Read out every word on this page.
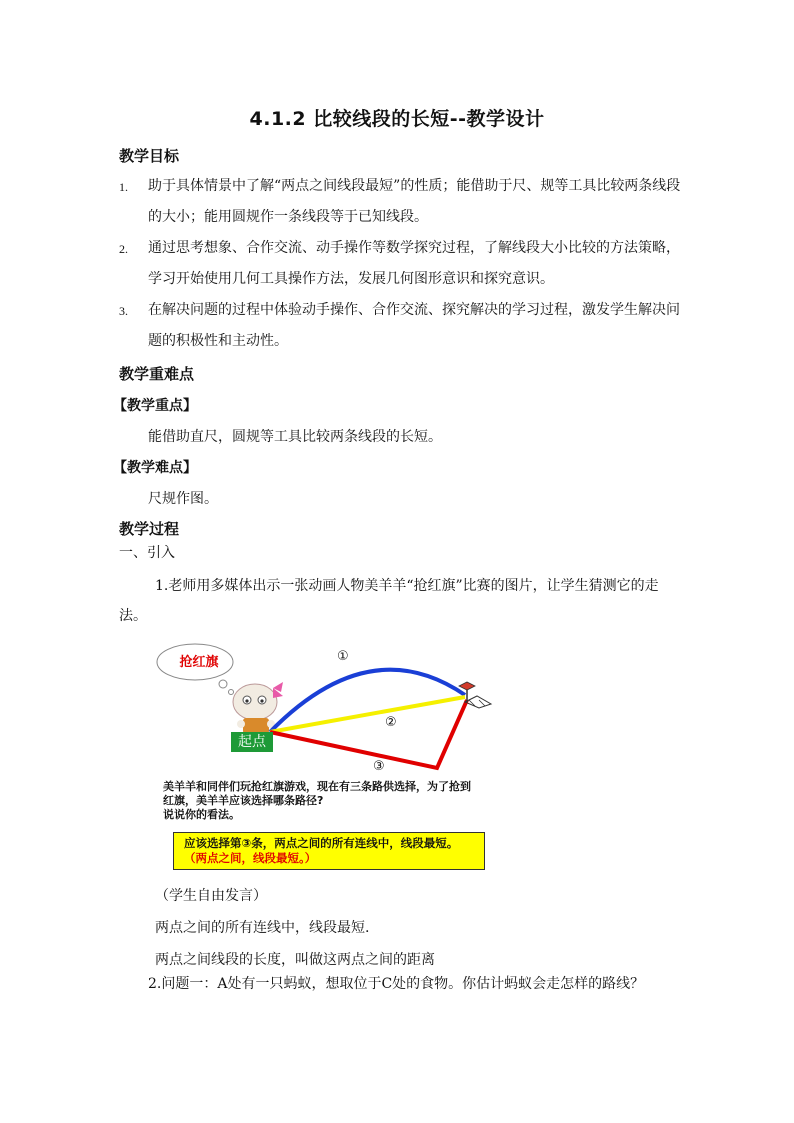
4.1.2 比较线段的长短--教学设计
教学目标
1. 助于具体情景中了解“两点之间线段最短”的性质；能借助于尺、规等工具比较两条线段
的大小；能用圆规作一条线段等于已知线段。
2. 通过思考想象、合作交流、动手操作等数学探究过程，了解线段大小比较的方法策略，
学习开始使用几何工具操作方法，发展几何图形意识和探究意识。
3. 在解决问题的过程中体验动手操作、合作交流、探究解决的学习过程，激发学生解决问
题的积极性和主动性。
教学重难点
【教学重点】
能借助直尺，圆规等工具比较两条线段的长短。
【教学难点】
尺规作图。
教学过程
一、引入
1.老师用多媒体出示一张动画人物美羊羊“抢红旗”比赛的图片，让学生猜测它的走
法。
①
②
③
抢红旗
起点
美羊羊和同伴们玩抢红旗游戏，现在有三条路供选择，为了抢到
红旗，美羊羊应该选择哪条路径?
说说你的看法。
应该选择第③条，两点之间的所有连线中，线段最短。
（两点之间，线段最短。）
（学生自由发言）
两点之间的所有连线中，线段最短.
两点之间线段的长度，叫做这两点之间的距离
2.问题一：A处有一只蚂蚁，想取位于C处的食物。你估计蚂蚁会走怎样的路线？
